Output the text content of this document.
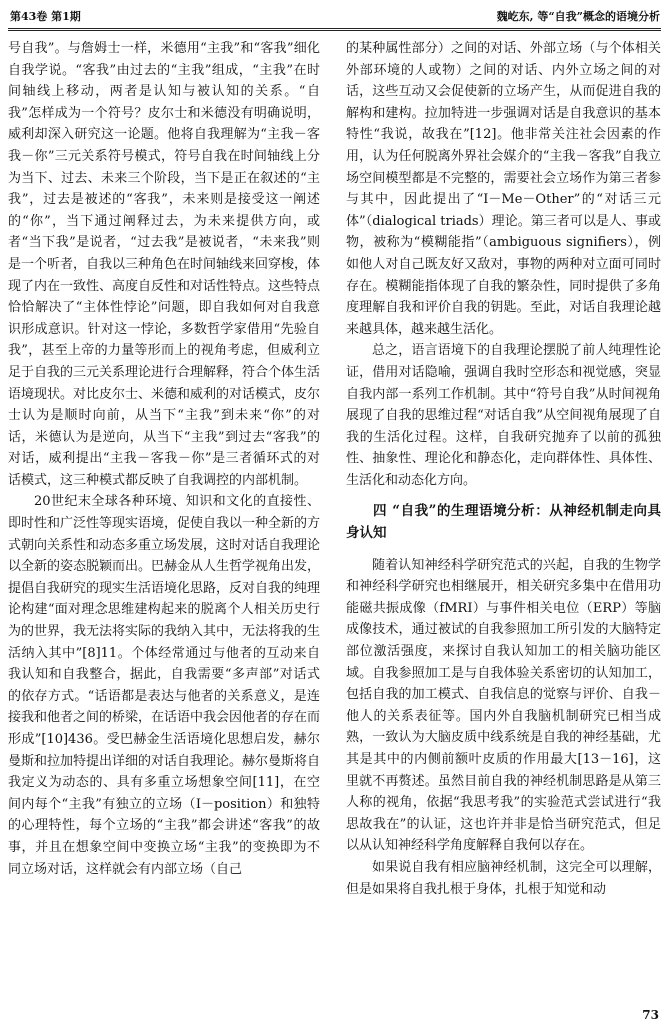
第43卷 第1期	魏屹东, 等“自我”概念的语境分析

号自我”。与詹姆士一样，米德用“主我”和“客我”细化自我学说。“客我”由过去的“主我”组成，“主我”在时间轴线上移动，两者是认知与被认知的关系。“自我”怎样成为一个符号？皮尔士和米德没有明确说明，威利却深入研究这一论题。他将自我理解为“主我－客我－你”三元关系符号模式，符号自我在时间轴线上分为当下、过去、未来三个阶段，当下是正在叙述的“主我”，过去是被述的“客我”，未来则是接受这一阐述的“你”，当下通过阐释过去，为未来提供方向，或者“当下我”是说者，“过去我”是被说者，“未来我”则是一个听者，自我以三种角色在时间轴线来回穿梭，体现了内在一致性、高度自反性和对话性特点。这些特点恰恰解决了“主体性悖论”问题，即自我如何对自我意识形成意识。针对这一悖论，多数哲学家借用“先验自我”，甚至上帝的力量等形而上的视角考虑，但威利立足于自我的三元关系理论进行合理解释，符合个体生活语境现状。对比皮尔士、米德和威利的对话模式，皮尔士认为是顺时向前，从当下“主我”到未来“你”的对话，米德认为是逆向，从当下“主我”到过去“客我”的对话，威利提出“主我－客我－你”是三者循环式的对话模式，这三种模式都反映了自我调控的内部机制。

20世纪末全球各种环境、知识和文化的直接性、即时性和广泛性等现实语境，促使自我以一种全新的方式朝向关系性和动态多重立场发展，这时对话自我理论以全新的姿态脱颖而出。巴赫金从人生哲学视角出发，提倡自我研究的现实生活语境化思路，反对自我的纯理论构建“面对理念思维建构起来的脱离个人相关历史行为的世界，我无法将实际的我纳入其中，无法将我的生活纳入其中”[8]11。个体经常通过与他者的互动来自我认知和自我整合，据此，自我需要“多声部”对话式的依存方式。“话语都是表达与他者的关系意义，是连接我和他者之间的桥梁，在话语中我会因他者的存在而形成”[10]436。受巴赫金生活语境化思想启发，赫尔曼斯和拉加特提出详细的对话自我理论。赫尔曼斯将自我定义为动态的、具有多重立场想象空间[11]，在空间内每个“主我”有独立的立场（I－position）和独特的心理特性，每个立场的“主我”都会讲述“客我”的故事，并且在想象空间中变换立场“主我”的变换即为不同立场对话，这样就会有内部立场（自己

的某种属性部分）之间的对话、外部立场（与个体相关外部环境的人或物）之间的对话、内外立场之间的对话，这些互动又会促使新的立场产生，从而促进自我的解构和建构。拉加特进一步强调对话是自我意识的基本特性“我说，故我在”[12]。他非常关注社会因素的作用，认为任何脱离外界社会媒介的“主我－客我”自我立场空间模型都是不完整的，需要社会立场作为第三者参与其中，因此提出了“I－Me－Other”的“对话三元体”（dialogical triads）理论。第三者可以是人、事或物，被称为“模糊能指”（ambiguous signifiers），例如他人对自己既友好又敌对，事物的两种对立面可同时存在。模糊能指体现了自我的繁杂性，同时提供了多角度理解自我和评价自我的钥匙。至此，对话自我理论越来越具体，越来越生活化。

总之，语言语境下的自我理论摆脱了前人纯理性论证，借用对话隐喻，强调自我时空形态和视觉感，突显自我内部一系列工作机制。其中“符号自我”从时间视角展现了自我的思维过程“对话自我”从空间视角展现了自我的生活化过程。这样，自我研究抛弃了以前的孤独性、抽象性、理论化和静态化，走向群体性、具体性、生活化和动态化方向。

四 “自我”的生理语境分析：从神经机制走向具身认知

随着认知神经科学研究范式的兴起，自我的生物学和神经科学研究也相继展开，相关研究多集中在借用功能磁共振成像（fMRI）与事件相关电位（ERP）等脑成像技术，通过被试的自我参照加工所引发的大脑特定部位激活强度，来探讨自我认知加工的相关脑功能区域。自我参照加工是与自我体验关系密切的认知加工，包括自我的加工模式、自我信息的觉察与评价、自我－他人的关系表征等。国内外自我脑机制研究已相当成熟，一致认为大脑皮质中线系统是自我的神经基础，尤其是其中的内侧前额叶皮质的作用最大[13－16]，这里就不再赘述。虽然目前自我的神经机制思路是从第三人称的视角，依据“我思考我”的实验范式尝试进行“我思故我在”的认证，这也许并非是恰当研究范式，但足以从认知神经科学角度解释自我何以存在。

如果说自我有相应脑神经机制，这完全可以理解，但是如果将自我扎根于身体，扎根于知觉和动

73
